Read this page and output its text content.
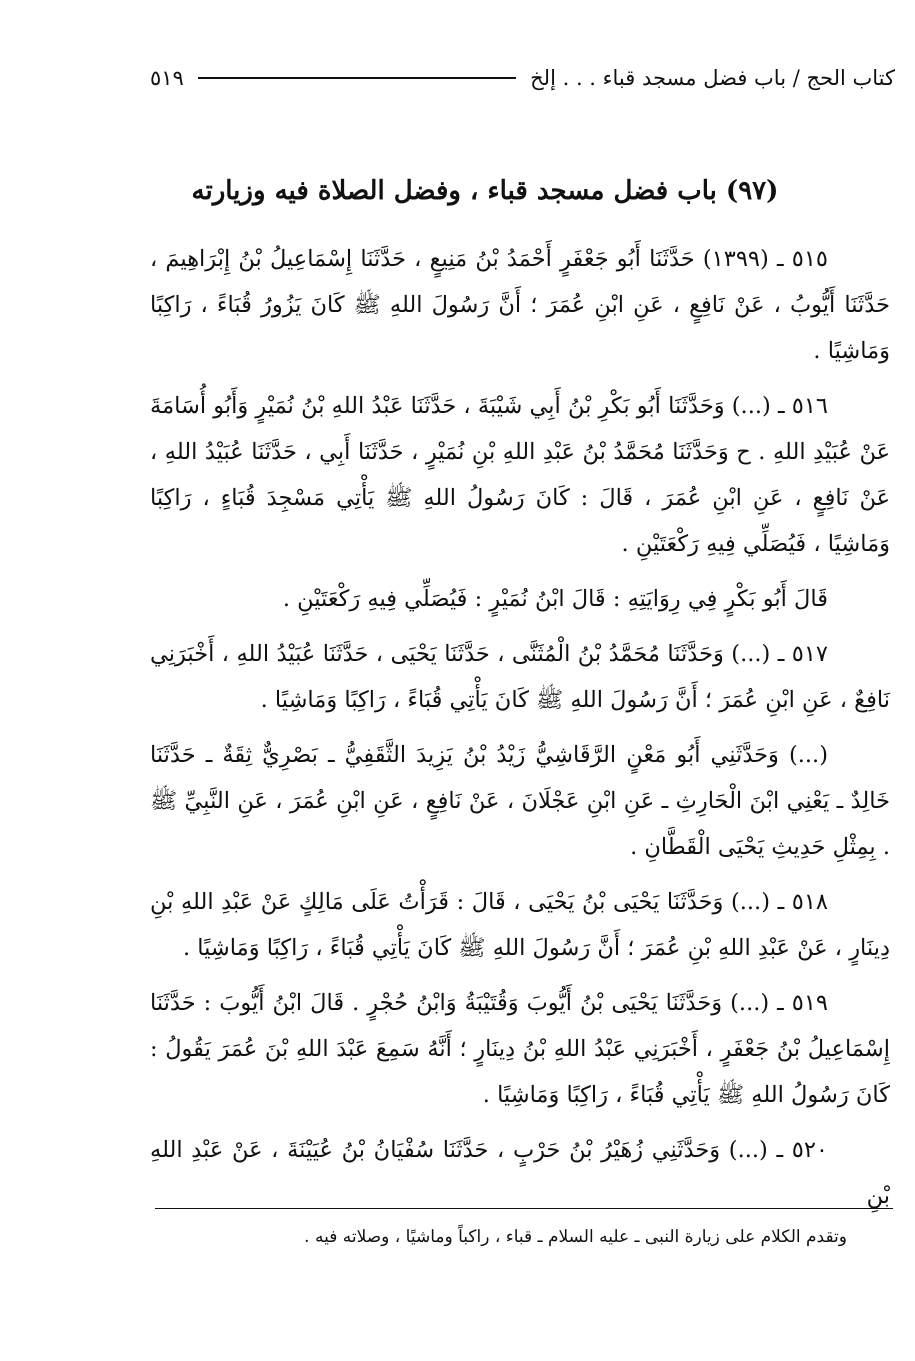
كتاب الحج / باب فضل مسجد قباء . . . إلخ
٥١٩
(٩٧) باب فضل مسجد قباء ، وفضل الصلاة فيه وزيارته

٥١٥ ـ (١٣٩٩) حَدَّثَنَا أَبُو جَعْفَرٍ أَحْمَدُ بْنُ مَنِيعٍ ، حَدَّثَنَا إِسْمَاعِيلُ بْنُ إِبْرَاهِيمَ ، حَدَّثَنَا أَيُّوبُ ، عَنْ نَافِعٍ ، عَنِ ابْنِ عُمَرَ ؛ أَنَّ رَسُولَ اللهِ ﷺ كَانَ يَزُورُ قُبَاءً ، رَاكِبًا وَمَاشِيًا .

٥١٦ ـ (...) وَحَدَّثَنَا أَبُو بَكْرِ بْنُ أَبِي شَيْبَةَ ، حَدَّثَنَا عَبْدُ اللهِ بْنُ نُمَيْرٍ وَأَبُو أُسَامَةَ عَنْ عُبَيْدِ اللهِ . ح وَحَدَّثَنَا مُحَمَّدُ بْنُ عَبْدِ اللهِ بْنِ نُمَيْرٍ ، حَدَّثَنَا أَبِي ، حَدَّثَنَا عُبَيْدُ اللهِ ، عَنْ نَافِعٍ ، عَنِ ابْنِ عُمَرَ ، قَالَ : كَانَ رَسُولُ اللهِ ﷺ يَأْتِي مَسْجِدَ قُبَاءٍ ، رَاكِبًا وَمَاشِيًا ، فَيُصَلِّي فِيهِ رَكْعَتَيْنِ .

قَالَ أَبُو بَكْرٍ فِي رِوَايَتِهِ : قَالَ ابْنُ نُمَيْرٍ : فَيُصَلِّي فِيهِ رَكْعَتَيْنِ .

٥١٧ ـ (...) وَحَدَّثَنَا مُحَمَّدُ بْنُ الْمُثَنَّى ، حَدَّثَنَا يَحْيَى ، حَدَّثَنَا عُبَيْدُ اللهِ ، أَخْبَرَنِي نَافِعٌ ، عَنِ ابْنِ عُمَرَ ؛ أَنَّ رَسُولَ اللهِ ﷺ كَانَ يَأْتِي قُبَاءً ، رَاكِبًا وَمَاشِيًا .

(...) وَحَدَّثَنِي أَبُو مَعْنٍ الرَّقَاشِيُّ زَيْدُ بْنُ يَزِيدَ الثَّقَفِيُّ ـ بَصْرِيٌّ ثِقَةٌ ـ حَدَّثَنَا خَالِدٌ ـ يَعْنِي ابْنَ الْحَارِثِ ـ عَنِ ابْنِ عَجْلَانَ ، عَنْ نَافِعٍ ، عَنِ ابْنِ عُمَرَ ، عَنِ النَّبِيِّ ﷺ . بِمِثْلِ حَدِيثِ يَحْيَى الْقَطَّانِ .

٥١٨ ـ (...) وَحَدَّثَنَا يَحْيَى بْنُ يَحْيَى ، قَالَ : قَرَأْتُ عَلَى مَالِكٍ عَنْ عَبْدِ اللهِ بْنِ دِينَارٍ ، عَنْ عَبْدِ اللهِ بْنِ عُمَرَ ؛ أَنَّ رَسُولَ اللهِ ﷺ كَانَ يَأْتِي قُبَاءً ، رَاكِبًا وَمَاشِيًا .

٥١٩ ـ (...) وَحَدَّثَنَا يَحْيَى بْنُ أَيُّوبَ وَقُتَيْبَةُ وَابْنُ حُجْرٍ . قَالَ ابْنُ أَيُّوبَ : حَدَّثَنَا إِسْمَاعِيلُ بْنُ جَعْفَرٍ ، أَخْبَرَنِي عَبْدُ اللهِ بْنُ دِينَارٍ ؛ أَنَّهُ سَمِعَ عَبْدَ اللهِ بْنَ عُمَرَ يَقُولُ : كَانَ رَسُولُ اللهِ ﷺ يَأْتِي قُبَاءً ، رَاكِبًا وَمَاشِيًا .

٥٢٠ ـ (...) وَحَدَّثَنِي زُهَيْرُ بْنُ حَرْبٍ ، حَدَّثَنَا سُفْيَانُ بْنُ عُيَيْنَةَ ، عَنْ عَبْدِ اللهِ بْنِ

وتقدم الكلام على زيارة النبى ـ عليه السلام ـ قباء ، راكباً وماشيًا ، وصلاته فيه .
